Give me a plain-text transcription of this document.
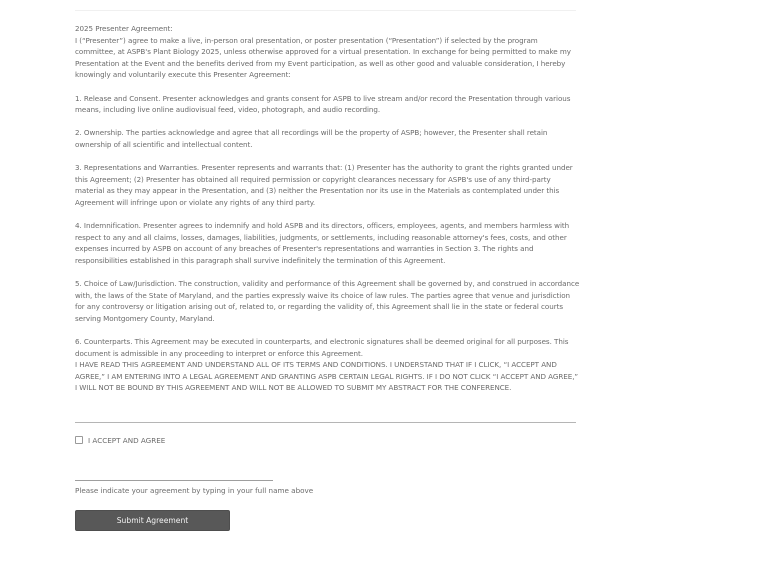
2025 Presenter Agreement:

I (“Presenter”) agree to make a live, in-person oral presentation, or poster presentation (“Presentation”) if selected by the program committee, at ASPB's Plant Biology 2025, unless otherwise approved for a virtual presentation. In exchange for being permitted to make my Presentation at the Event and the benefits derived from my Event participation, as well as other good and valuable consideration, I hereby knowingly and voluntarily execute this Presenter Agreement:

1. Release and Consent. Presenter acknowledges and grants consent for ASPB to live stream and/or record the Presentation through various means, including live online audiovisual feed, video, photograph, and audio recording.

2. Ownership. The parties acknowledge and agree that all recordings will be the property of ASPB; however, the Presenter shall retain ownership of all scientific and intellectual content.

3. Representations and Warranties. Presenter represents and warrants that: (1) Presenter has the authority to grant the rights granted under this Agreement; (2) Presenter has obtained all required permission or copyright clearances necessary for ASPB's use of any third-party material as they may appear in the Presentation, and (3) neither the Presentation nor its use in the Materials as contemplated under this Agreement will infringe upon or violate any rights of any third party.

4. Indemnification. Presenter agrees to indemnify and hold ASPB and its directors, officers, employees, agents, and members harmless with respect to any and all claims, losses, damages, liabilities, judgments, or settlements, including reasonable attorney's fees, costs, and other expenses incurred by ASPB on account of any breaches of Presenter's representations and warranties in Section 3. The rights and responsibilities established in this paragraph shall survive indefinitely the termination of this Agreement.

5. Choice of Law/Jurisdiction. The construction, validity and performance of this Agreement shall be governed by, and construed in accordance with, the laws of the State of Maryland, and the parties expressly waive its choice of law rules. The parties agree that venue and jurisdiction for any controversy or litigation arising out of, related to, or regarding the validity of, this Agreement shall lie in the state or federal courts serving Montgomery County, Maryland.

6. Counterparts. This Agreement may be executed in counterparts, and electronic signatures shall be deemed original for all purposes. This document is admissible in any proceeding to interpret or enforce this Agreement.

I HAVE READ THIS AGREEMENT AND UNDERSTAND ALL OF ITS TERMS AND CONDITIONS. I UNDERSTAND THAT IF I CLICK, “I ACCEPT AND AGREE,” I AM ENTERING INTO A LEGAL AGREEMENT AND GRANTING ASPB CERTAIN LEGAL RIGHTS. IF I DO NOT CLICK “I ACCEPT AND AGREE,” I WILL NOT BE BOUND BY THIS AGREEMENT AND WILL NOT BE ALLOWED TO SUBMIT MY ABSTRACT FOR THE CONFERENCE.

I ACCEPT AND AGREE
Please indicate your agreement by typing in your full name above
Submit Agreement
